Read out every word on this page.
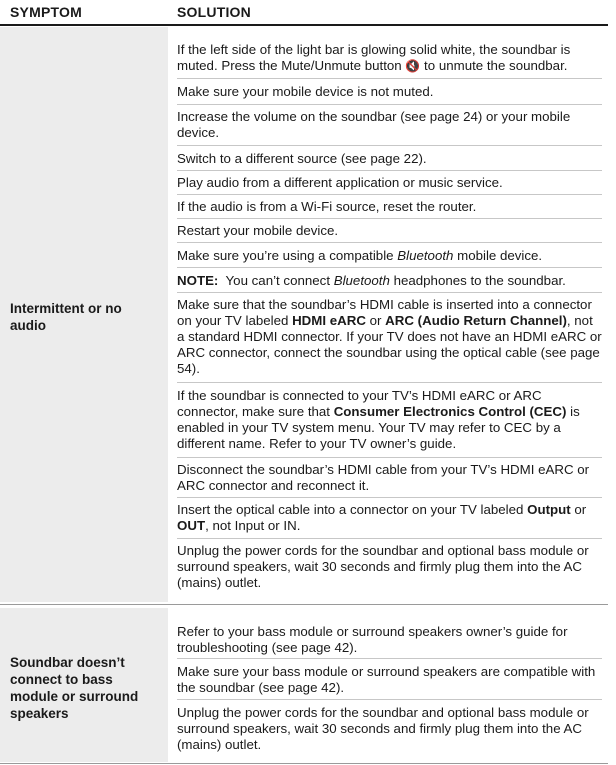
SYMPTOM	SOLUTION
Intermittent or no audio
If the left side of the light bar is glowing solid white, the soundbar is muted. Press the Mute/Unmute button 🔇 to unmute the soundbar.
Make sure your mobile device is not muted.
Increase the volume on the soundbar (see page 24) or your mobile device.
Switch to a different source (see page 22).
Play audio from a different application or music service.
If the audio is from a Wi-Fi source, reset the router.
Restart your mobile device.
Make sure you’re using a compatible Bluetooth mobile device.
NOTE:  You can’t connect Bluetooth headphones to the soundbar.
Make sure that the soundbar’s HDMI cable is inserted into a connector on your TV labeled HDMI eARC or ARC (Audio Return Channel), not a standard HDMI connector. If your TV does not have an HDMI eARC or ARC connector, connect the soundbar using the optical cable (see page 54).
If the soundbar is connected to your TV’s HDMI eARC or ARC connector, make sure that Consumer Electronics Control (CEC) is enabled in your TV system menu. Your TV may refer to CEC by a different name. Refer to your TV owner’s guide.
Disconnect the soundbar’s HDMI cable from your TV’s HDMI eARC or ARC connector and reconnect it.
Insert the optical cable into a connector on your TV labeled Output or OUT, not Input or IN.
Unplug the power cords for the soundbar and optional bass module or surround speakers, wait 30 seconds and firmly plug them into the AC (mains) outlet.
Soundbar doesn’t connect to bass module or surround speakers
Refer to your bass module or surround speakers owner’s guide for troubleshooting (see page 42).
Make sure your bass module or surround speakers are compatible with the soundbar (see page 42).
Unplug the power cords for the soundbar and optional bass module or surround speakers, wait 30 seconds and firmly plug them into the AC (mains) outlet.
